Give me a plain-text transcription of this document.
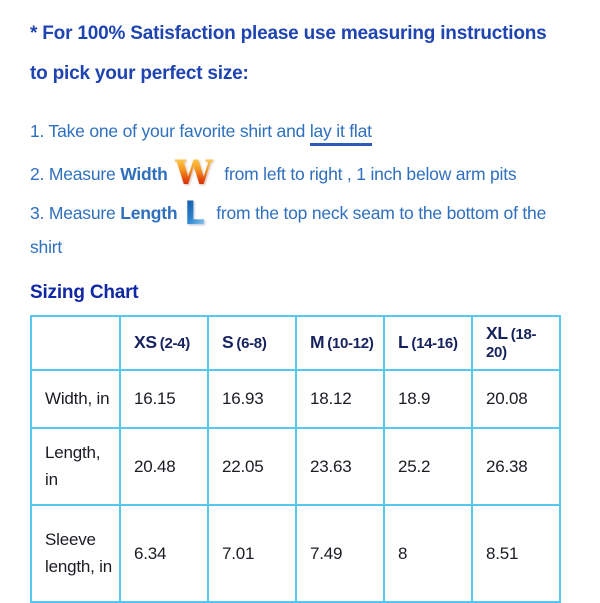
* For 100% Satisfaction please use measuring instructions
to pick your perfect size:

1. Take one of your favorite shirt and lay it flat

2. Measure Width W from left to right , 1 inch below arm pits

3. Measure Length L from the top neck seam to the bottom of the shirt

Sizing Chart
	XS (2-4)	S (6-8)	M (10-12)	L (14-16)	XL (18-20)
Width, in	16.15	16.93	18.12	18.9	20.08
Length, in	20.48	22.05	23.63	25.2	26.38
Sleeve length, in	6.34	7.01	7.49	8	8.51
